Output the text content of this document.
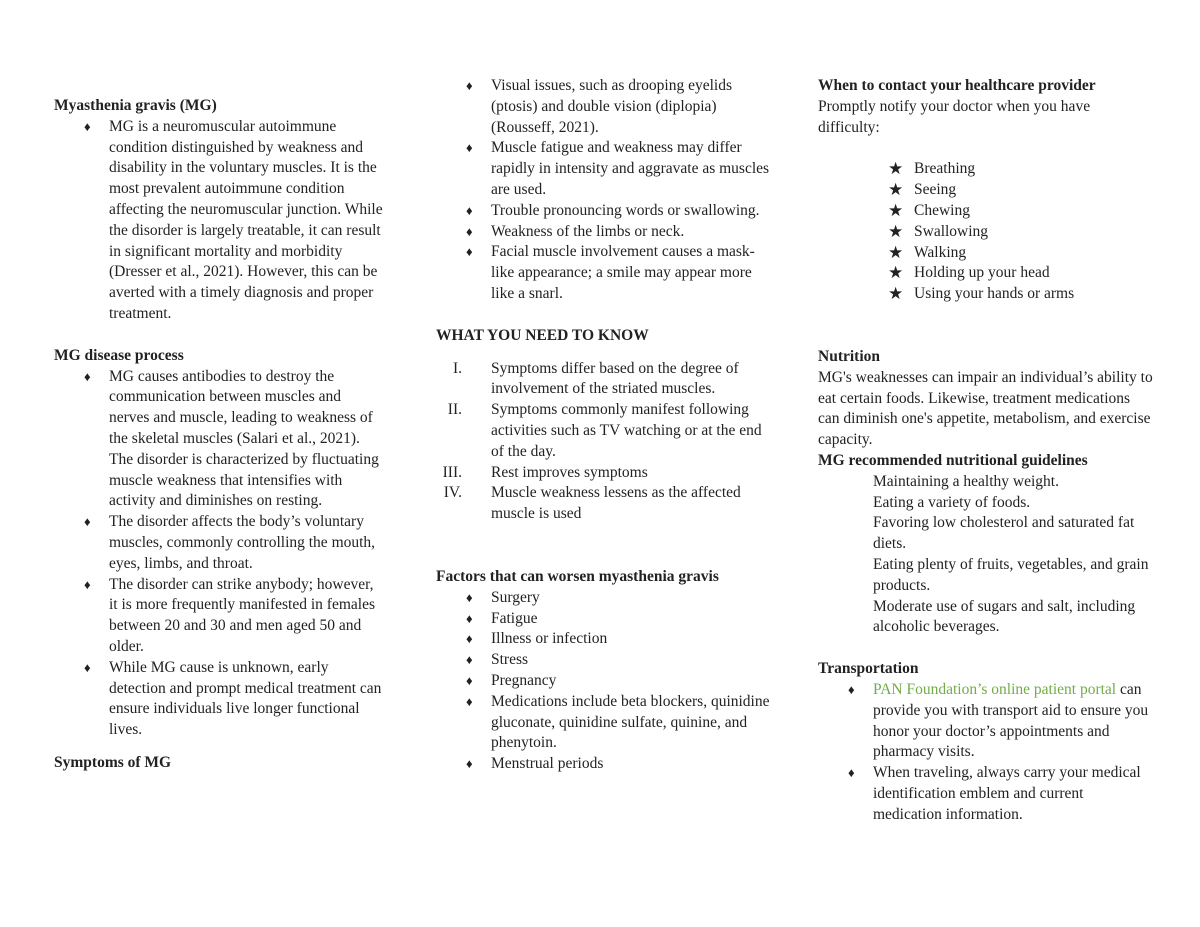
Myasthenia gravis (MG)
♦ MG is a neuromuscular autoimmune condition distinguished by weakness and disability in the voluntary muscles. It is the most prevalent autoimmune condition affecting the neuromuscular junction. While the disorder is largely treatable, it can result in significant mortality and morbidity (Dresser et al., 2021). However, this can be averted with a timely diagnosis and proper treatment.
MG disease process
♦ MG causes antibodies to destroy the communication between muscles and nerves and muscle, leading to weakness of the skeletal muscles (Salari et al., 2021). The disorder is characterized by fluctuating muscle weakness that intensifies with activity and diminishes on resting.
♦ The disorder affects the body’s voluntary muscles, commonly controlling the mouth, eyes, limbs, and throat.
♦ The disorder can strike anybody; however, it is more frequently manifested in females between 20 and 30 and men aged 50 and older.
♦ While MG cause is unknown, early detection and prompt medical treatment can ensure individuals live longer functional lives.
Symptoms of MG
♦ Visual issues, such as drooping eyelids (ptosis) and double vision (diplopia) (Rousseff, 2021).
♦ Muscle fatigue and weakness may differ rapidly in intensity and aggravate as muscles are used.
♦ Trouble pronouncing words or swallowing.
♦ Weakness of the limbs or neck.
♦ Facial muscle involvement causes a mask-like appearance; a smile may appear more like a snarl.
WHAT YOU NEED TO KNOW
I. Symptoms differ based on the degree of involvement of the striated muscles.
II. Symptoms commonly manifest following activities such as TV watching or at the end of the day.
III. Rest improves symptoms
IV. Muscle weakness lessens as the affected muscle is used
Factors that can worsen myasthenia gravis
♦ Surgery
♦ Fatigue
♦ Illness or infection
♦ Stress
♦ Pregnancy
♦ Medications include beta blockers, quinidine gluconate, quinidine sulfate, quinine, and phenytoin.
♦ Menstrual periods
When to contact your healthcare provider
Promptly notify your doctor when you have difficulty:
★ Breathing
★ Seeing
★ Chewing
★ Swallowing
★ Walking
★ Holding up your head
★ Using your hands or arms
Nutrition
MG's weaknesses can impair an individual’s ability to eat certain foods. Likewise, treatment medications can diminish one's appetite, metabolism, and exercise capacity.
MG recommended nutritional guidelines
Maintaining a healthy weight.
Eating a variety of foods.
Favoring low cholesterol and saturated fat diets.
Eating plenty of fruits, vegetables, and grain products.
Moderate use of sugars and salt, including alcoholic beverages.
Transportation
♦ PAN Foundation’s online patient portal can provide you with transport aid to ensure you honor your doctor’s appointments and pharmacy visits.
♦ When traveling, always carry your medical identification emblem and current medication information.
